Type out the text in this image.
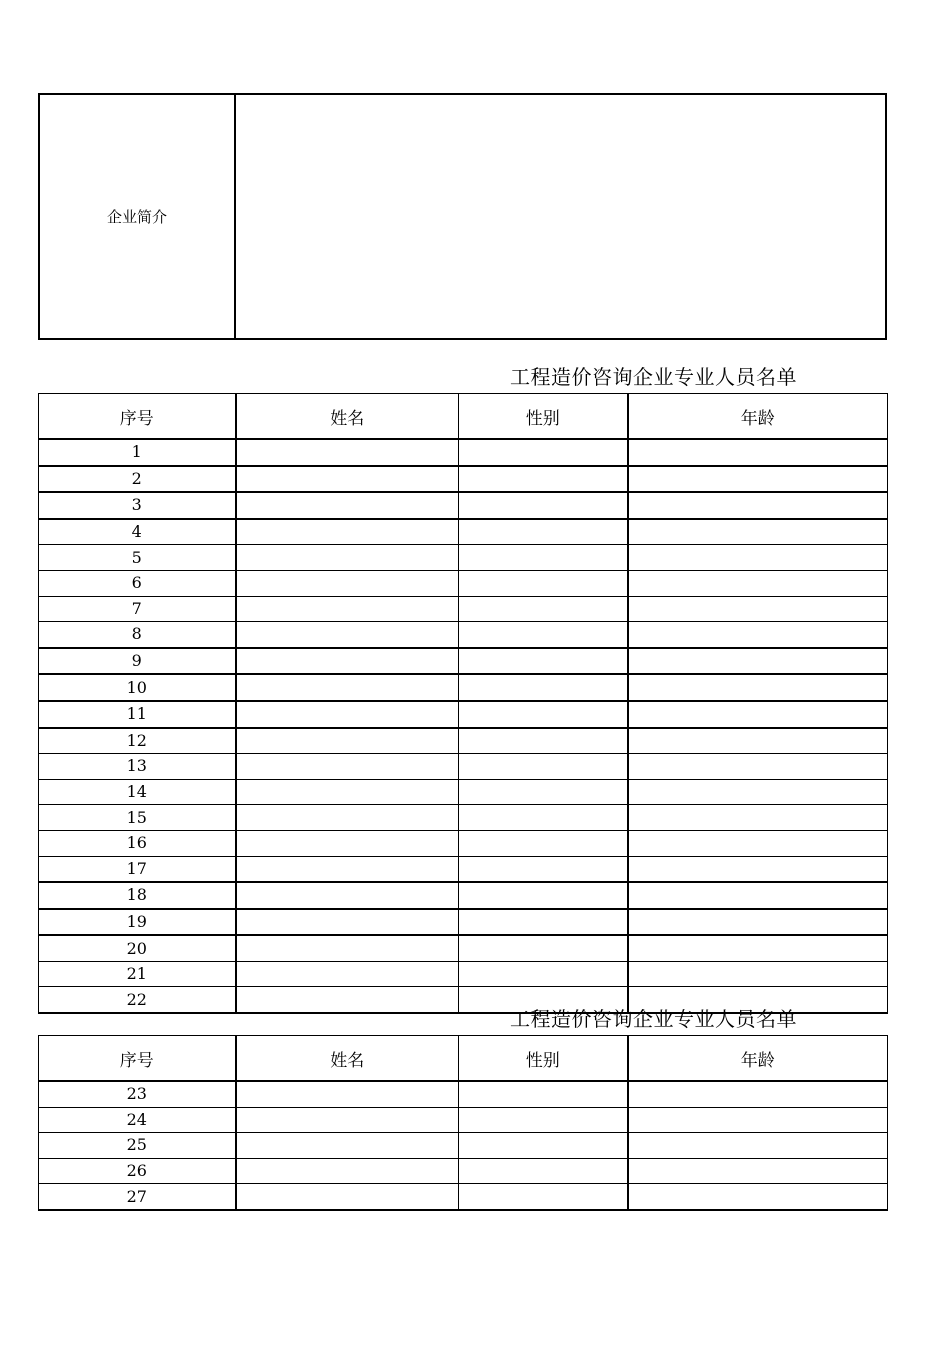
企业简介
工程造价咨询企业专业人员名单
序号	姓名	性别	年龄
1			
2			
3			
4			
5			
6			
7			
8			
9			
10			
11			
12			
13			
14			
15			
16			
17			
18			
19			
20			
21			
22			
工程造价咨询企业专业人员名单
序号	姓名	性别	年龄
23			
24			
25			
26			
27			
